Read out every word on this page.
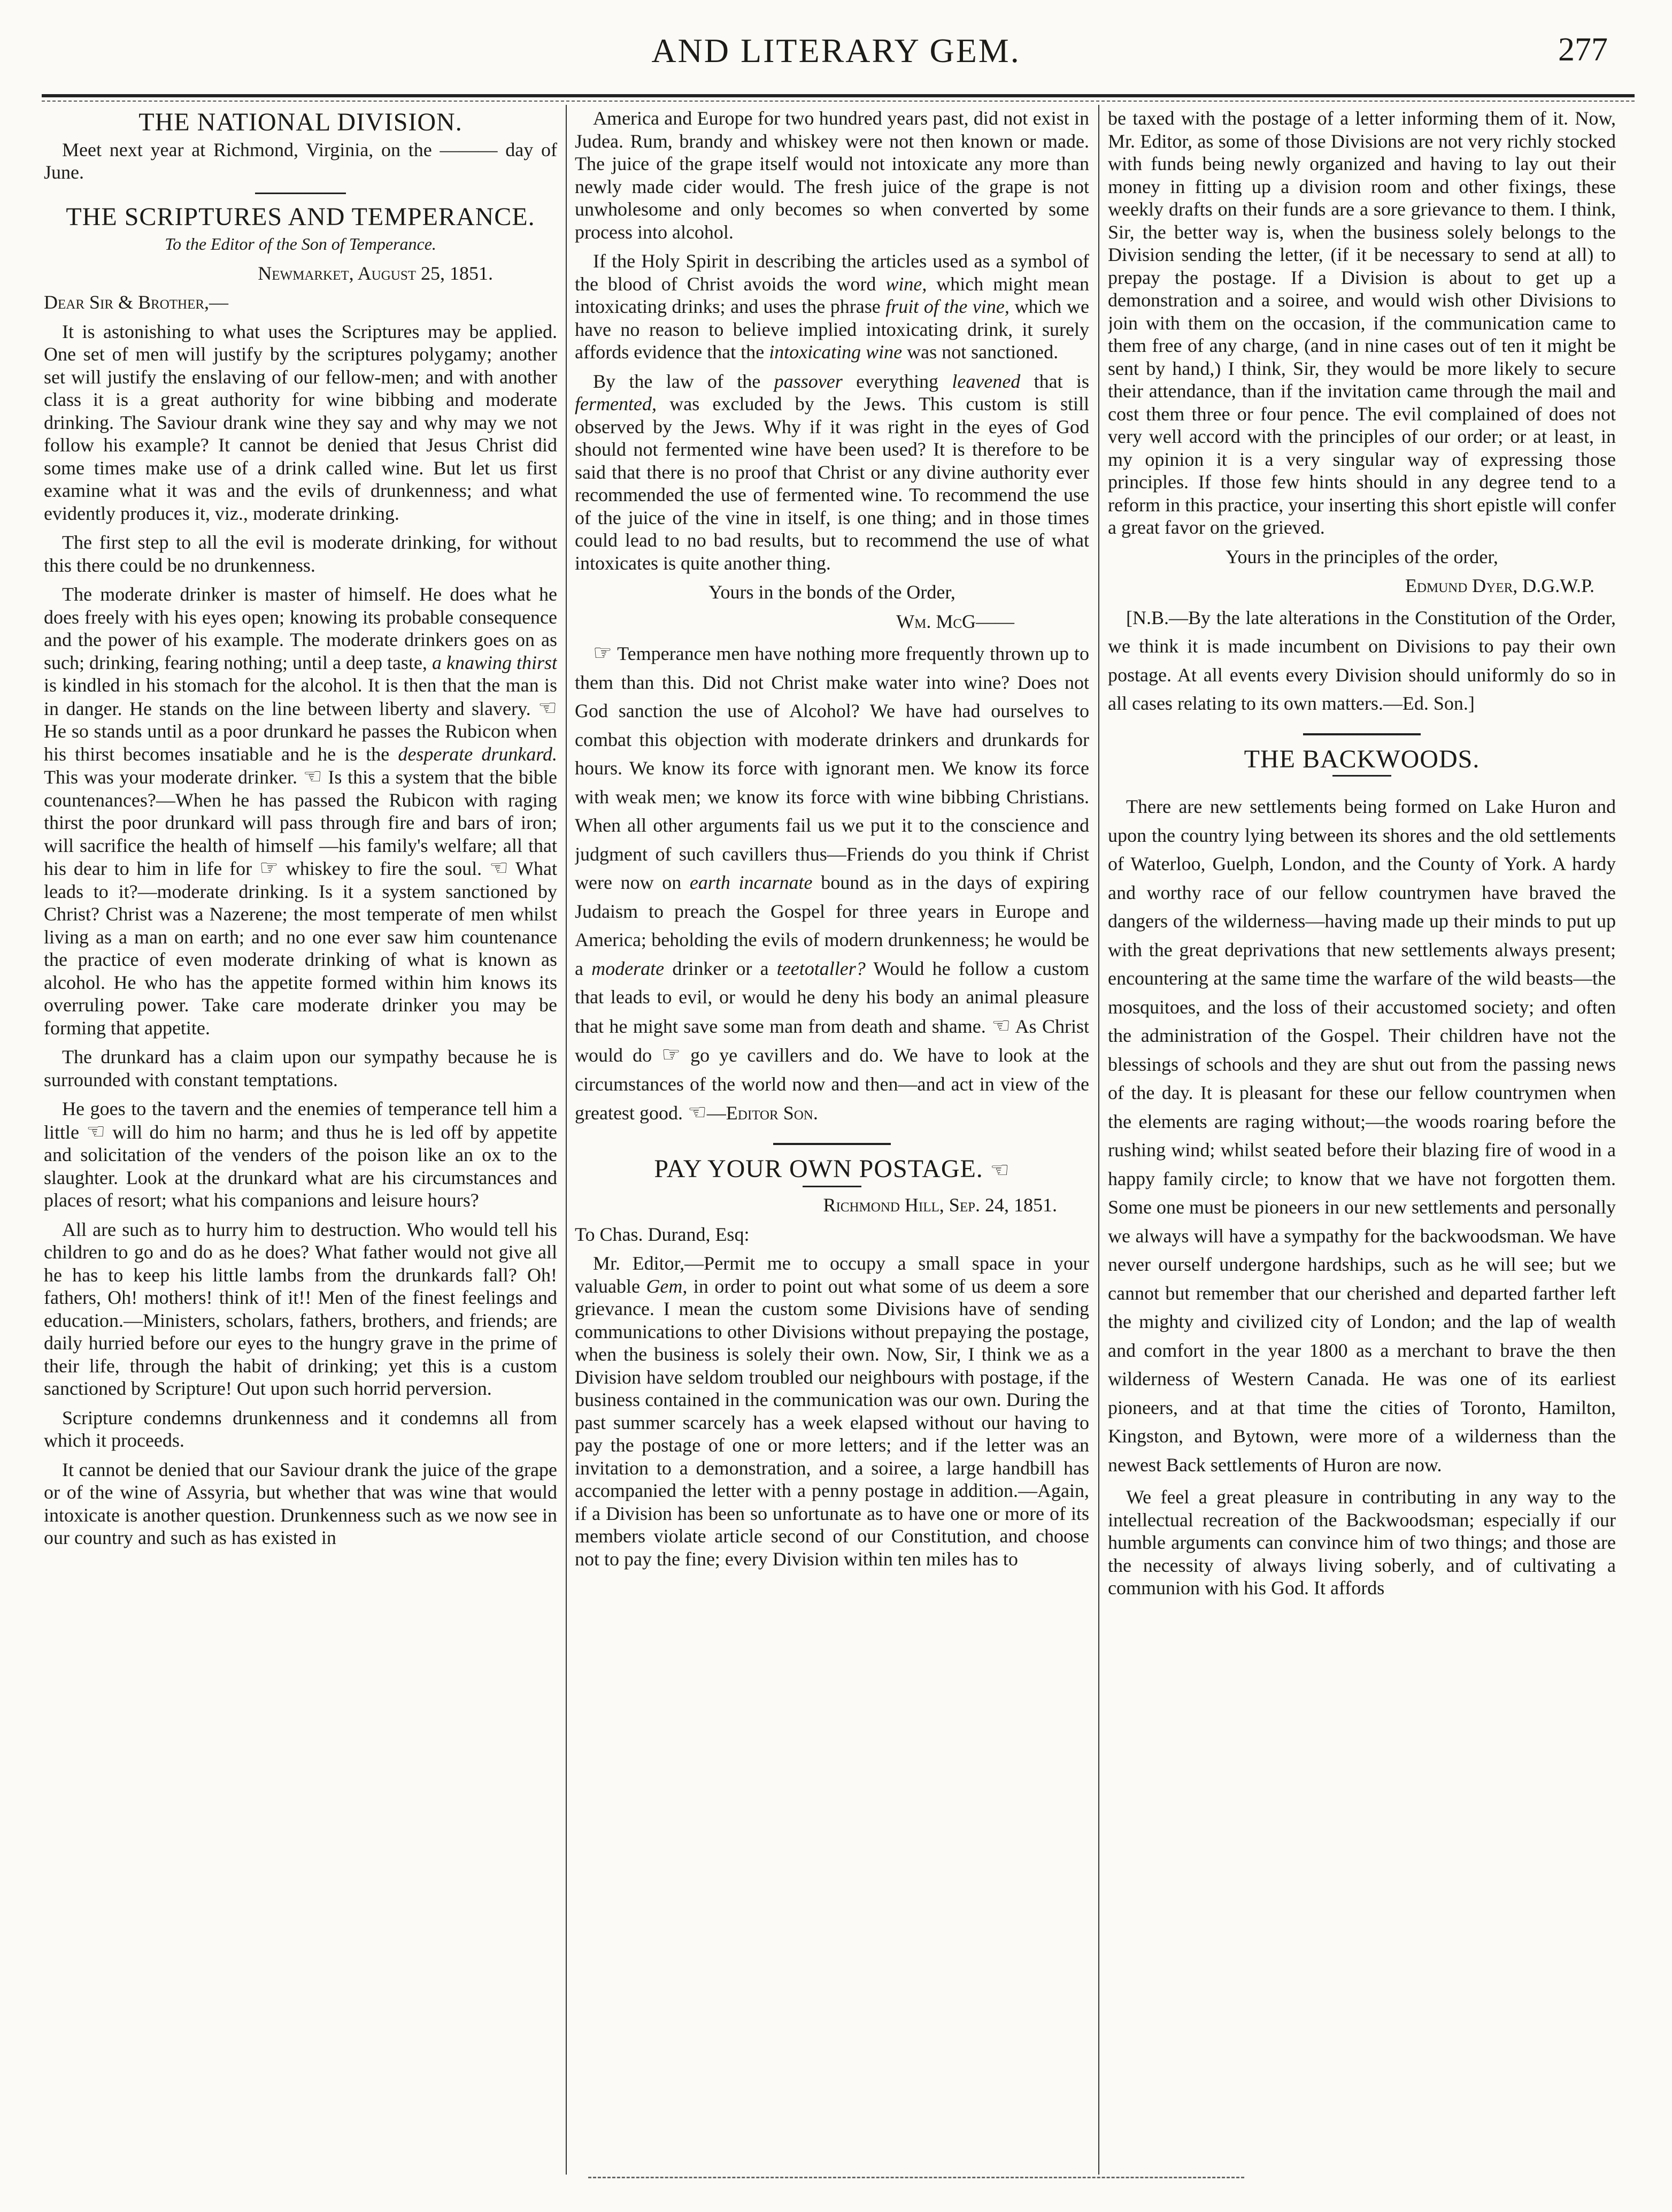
AND LITERARY GEM.	277
THE NATIONAL DIVISION.

Meet next year at Richmond, Virginia, on the ——— day of June.

THE SCRIPTURES AND TEMPERANCE.

To the Editor of the Son of Temperance.

Newmarket, August 25, 1851.

Dear Sir & Brother,—

It is astonishing to what uses the Scriptures may be applied. One set of men will justify by the scriptures polygamy; another set will justify the enslaving of our fellow-men; and with another class it is a great authority for wine bibbing and moderate drinking. The Saviour drank wine they say and why may we not follow his example? It cannot be denied that Jesus Christ did some times make use of a drink called wine. But let us first examine what it was and the evils of drunkenness; and what evidently produces it, viz., moderate drinking.

The first step to all the evil is moderate drinking, for without this there could be no drunkenness.

The moderate drinker is master of himself. He does what he does freely with his eyes open; knowing its probable consequence and the power of his example. The moderate drinkers goes on as such; drinking, fearing nothing; until a deep taste, a knawing thirst is kindled in his stomach for the alcohol. It is then that the man is in danger. He stands on the line between liberty and slavery. ☜ He so stands until as a poor drunkard he passes the Rubicon when his thirst becomes insatiable and he is the desperate drunkard. This was your moderate drinker. ☜ Is this a system that the bible countenances?—When he has passed the Rubicon with raging thirst the poor drunkard will pass through fire and bars of iron; will sacrifice the health of himself —his family's welfare; all that his dear to him in life for ☞ whiskey to fire the soul. ☜ What leads to it?—moderate drinking. Is it a system sanctioned by Christ? Christ was a Nazerene; the most temperate of men whilst living as a man on earth; and no one ever saw him countenance the practice of even moderate drinking of what is known as alcohol. He who has the appetite formed within him knows its overruling power. Take care moderate drinker you may be forming that appetite.

The drunkard has a claim upon our sympathy because he is surrounded with constant temptations.

He goes to the tavern and the enemies of temperance tell him a little ☜ will do him no harm; and thus he is led off by appetite and solicitation of the venders of the poison like an ox to the slaughter. Look at the drunkard what are his circumstances and places of resort; what his companions and leisure hours?

All are such as to hurry him to destruction. Who would tell his children to go and do as he does? What father would not give all he has to keep his little lambs from the drunkards fall? Oh! fathers, Oh! mothers! think of it!! Men of the finest feelings and education.—Ministers, scholars, fathers, brothers, and friends; are daily hurried before our eyes to the hungry grave in the prime of their life, through the habit of drinking; yet this is a custom sanctioned by Scripture! Out upon such horrid perversion.

Scripture condemns drunkenness and it condemns all from which it proceeds.

It cannot be denied that our Saviour drank the juice of the grape or of the wine of Assyria, but whether that was wine that would intoxicate is another question. Drunkenness such as we now see in our country and such as has existed in

America and Europe for two hundred years past, did not exist in Judea. Rum, brandy and whiskey were not then known or made. The juice of the grape itself would not intoxicate any more than newly made cider would. The fresh juice of the grape is not unwholesome and only becomes so when converted by some process into alcohol.

If the Holy Spirit in describing the articles used as a symbol of the blood of Christ avoids the word wine, which might mean intoxicating drinks; and uses the phrase fruit of the vine, which we have no reason to believe implied intoxicating drink, it surely affords evidence that the intoxicating wine was not sanctioned.

By the law of the passover everything leavened that is fermented, was excluded by the Jews. This custom is still observed by the Jews. Why if it was right in the eyes of God should not fermented wine have been used? It is therefore to be said that there is no proof that Christ or any divine authority ever recommended the use of fermented wine. To recommend the use of the juice of the vine in itself, is one thing; and in those times could lead to no bad results, but to recommend the use of what intoxicates is quite another thing.

Yours in the bonds of the Order,

Wm. McG——

☞ Temperance men have nothing more frequently thrown up to them than this. Did not Christ make water into wine? Does not God sanction the use of Alcohol? We have had ourselves to combat this objection with moderate drinkers and drunkards for hours. We know its force with ignorant men. We know its force with weak men; we know its force with wine bibbing Christians. When all other arguments fail us we put it to the conscience and judgment of such cavillers thus—Friends do you think if Christ were now on earth incarnate bound as in the days of expiring Judaism to preach the Gospel for three years in Europe and America; beholding the evils of modern drunkenness; he would be a moderate drinker or a teetotaller? Would he follow a custom that leads to evil, or would he deny his body an animal pleasure that he might save some man from death and shame. ☜ As Christ would do ☞ go ye cavillers and do. We have to look at the circumstances of the world now and then—and act in view of the greatest good. ☜—Editor Son.

PAY YOUR OWN POSTAGE. ☜

Richmond Hill, Sep. 24, 1851.

To Chas. Durand, Esq:

Mr. Editor,—Permit me to occupy a small space in your valuable Gem, in order to point out what some of us deem a sore grievance. I mean the custom some Divisions have of sending communications to other Divisions without prepaying the postage, when the business is solely their own. Now, Sir, I think we as a Division have seldom troubled our neighbours with postage, if the business contained in the communication was our own. During the past summer scarcely has a week elapsed without our having to pay the postage of one or more letters; and if the letter was an invitation to a demonstration, and a soiree, a large handbill has accompanied the letter with a penny postage in addition.—Again, if a Division has been so unfortunate as to have one or more of its members violate article second of our Constitution, and choose not to pay the fine; every Division within ten miles has to

be taxed with the postage of a letter informing them of it. Now, Mr. Editor, as some of those Divisions are not very richly stocked with funds being newly organized and having to lay out their money in fitting up a division room and other fixings, these weekly drafts on their funds are a sore grievance to them. I think, Sir, the better way is, when the business solely belongs to the Division sending the letter, (if it be necessary to send at all) to prepay the postage. If a Division is about to get up a demonstration and a soiree, and would wish other Divisions to join with them on the occasion, if the communication came to them free of any charge, (and in nine cases out of ten it might be sent by hand,) I think, Sir, they would be more likely to secure their attendance, than if the invitation came through the mail and cost them three or four pence. The evil complained of does not very well accord with the principles of our order; or at least, in my opinion it is a very singular way of expressing those principles. If those few hints should in any degree tend to a reform in this practice, your inserting this short epistle will confer a great favor on the grieved.

Yours in the principles of the order,

Edmund Dyer, D.G.W.P.

[N.B.—By the late alterations in the Constitution of the Order, we think it is made incumbent on Divisions to pay their own postage. At all events every Division should uniformly do so in all cases relating to its own matters.—Ed. Son.]

THE BACKWOODS.

There are new settlements being formed on Lake Huron and upon the country lying between its shores and the old settlements of Waterloo, Guelph, London, and the County of York. A hardy and worthy race of our fellow countrymen have braved the dangers of the wilderness—having made up their minds to put up with the great deprivations that new settlements always present; encountering at the same time the warfare of the wild beasts—the mosquitoes, and the loss of their accustomed society; and often the administration of the Gospel. Their children have not the blessings of schools and they are shut out from the passing news of the day. It is pleasant for these our fellow countrymen when the elements are raging without;—the woods roaring before the rushing wind; whilst seated before their blazing fire of wood in a happy family circle; to know that we have not forgotten them. Some one must be pioneers in our new settlements and personally we always will have a sympathy for the backwoodsman. We have never ourself undergone hardships, such as he will see; but we cannot but remember that our cherished and departed farther left the mighty and civilized city of London; and the lap of wealth and comfort in the year 1800 as a merchant to brave the then wilderness of Western Canada. He was one of its earliest pioneers, and at that time the cities of Toronto, Hamilton, Kingston, and Bytown, were more of a wilderness than the newest Back settlements of Huron are now.

We feel a great pleasure in contributing in any way to the intellectual recreation of the Backwoodsman; especially if our humble arguments can convince him of two things; and those are the necessity of always living soberly, and of cultivating a communion with his God. It affords
